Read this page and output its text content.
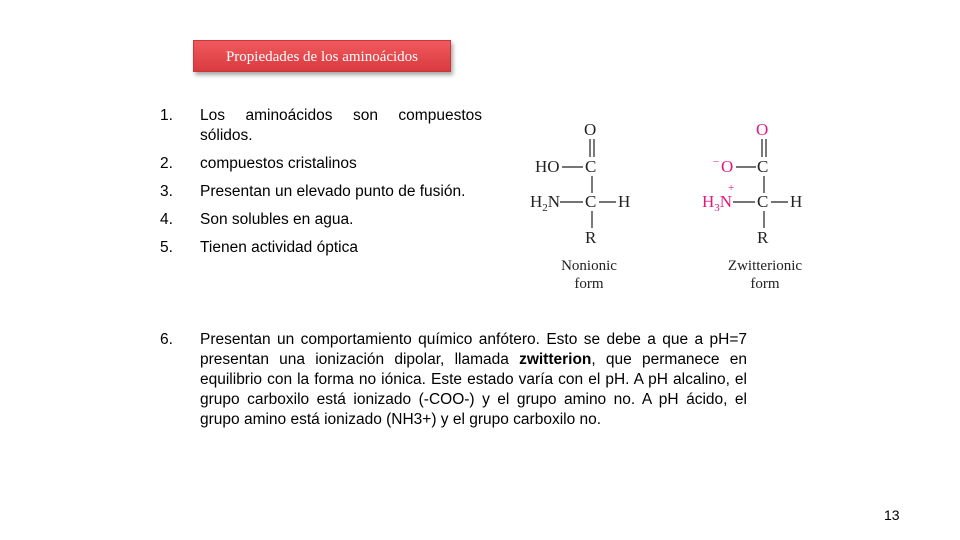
Propiedades de los aminoácidos
1.	Los aminoácidos son compuestos sólidos.
2.	compuestos cristalinos
3.	Presentan un elevado punto de fusión.
4.	Son solubles en agua.
5.	Tienen actividad óptica
O
HO C
$H_2N$ C H
R
Nonionic
form
− O
O
C
$H_3N$
+
C H
R
Zwitterionic
form
6.	Presentan un comportamiento químico anfótero. Esto se debe a que a pH=7 presentan una ionización dipolar, llamada zwitterion, que permanece en equilibrio con la forma no iónica. Este estado varía con el pH. A pH alcalino, el grupo carboxilo está ionizado (-COO-) y el grupo amino no. A pH ácido, el grupo amino está ionizado (NH3+) y el grupo carboxilo no.
13
